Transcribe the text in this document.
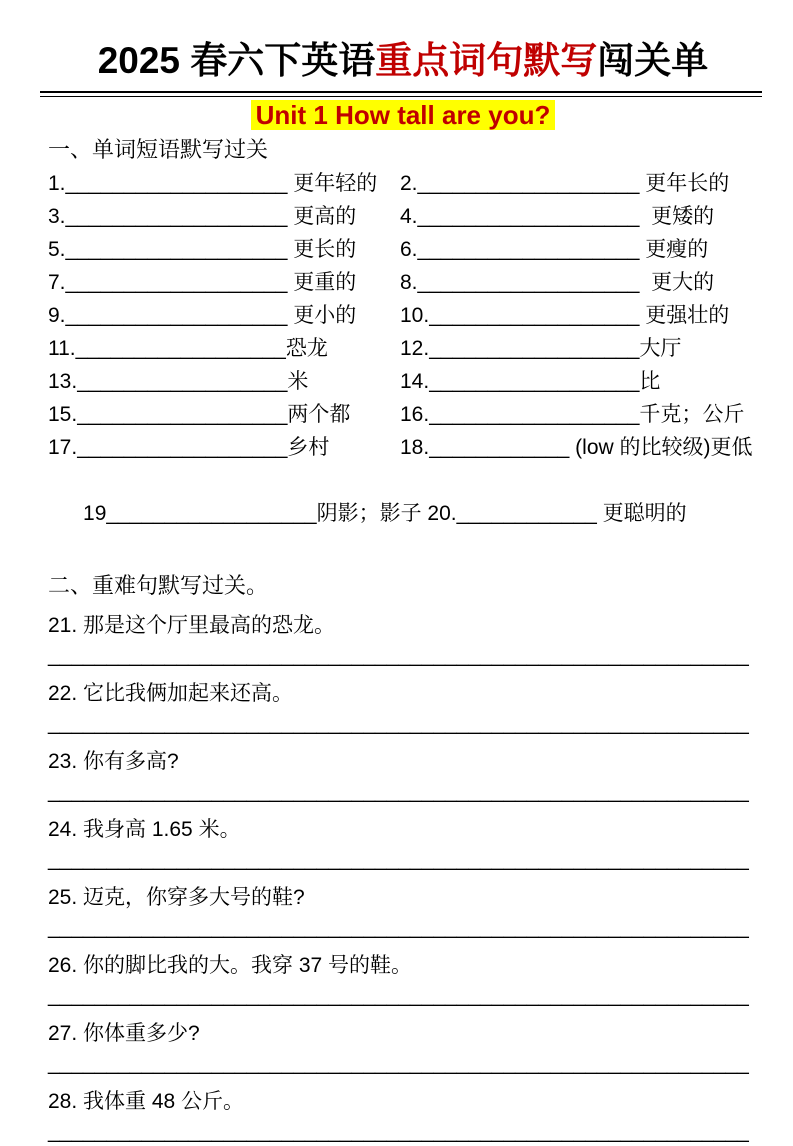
2025 春六下英语重点词句默写闯关单
Unit 1 How tall are you?
一、单词短语默写过关
1.___________________ 更年轻的	2.___________________ 更年长的
3.___________________ 更高的	4.___________________  更矮的
5.___________________ 更长的	6.___________________ 更瘦的
7.___________________ 更重的	8.___________________  更大的
9.___________________ 更小的	10.__________________ 更强壮的
11.__________________恐龙	12.__________________大厅
13.__________________米	14.__________________比
15.__________________两个都	16.__________________千克；公斤
17.__________________乡村	18.____________ (low 的比较级)更低

19__________________阴影；影子 20.____________ 更聪明的

二、重难句默写过关。
21. 那是这个厅里最高的恐龙。
____________________________________________________________
22. 它比我俩加起来还高。
____________________________________________________________
23. 你有多高?
____________________________________________________________
24. 我身高 1.65 米。
____________________________________________________________
25. 迈克，你穿多大号的鞋?
____________________________________________________________
26. 你的脚比我的大。我穿 37 号的鞋。
____________________________________________________________
27. 你体重多少?
____________________________________________________________
28. 我体重 48 公斤。
____________________________________________________________
